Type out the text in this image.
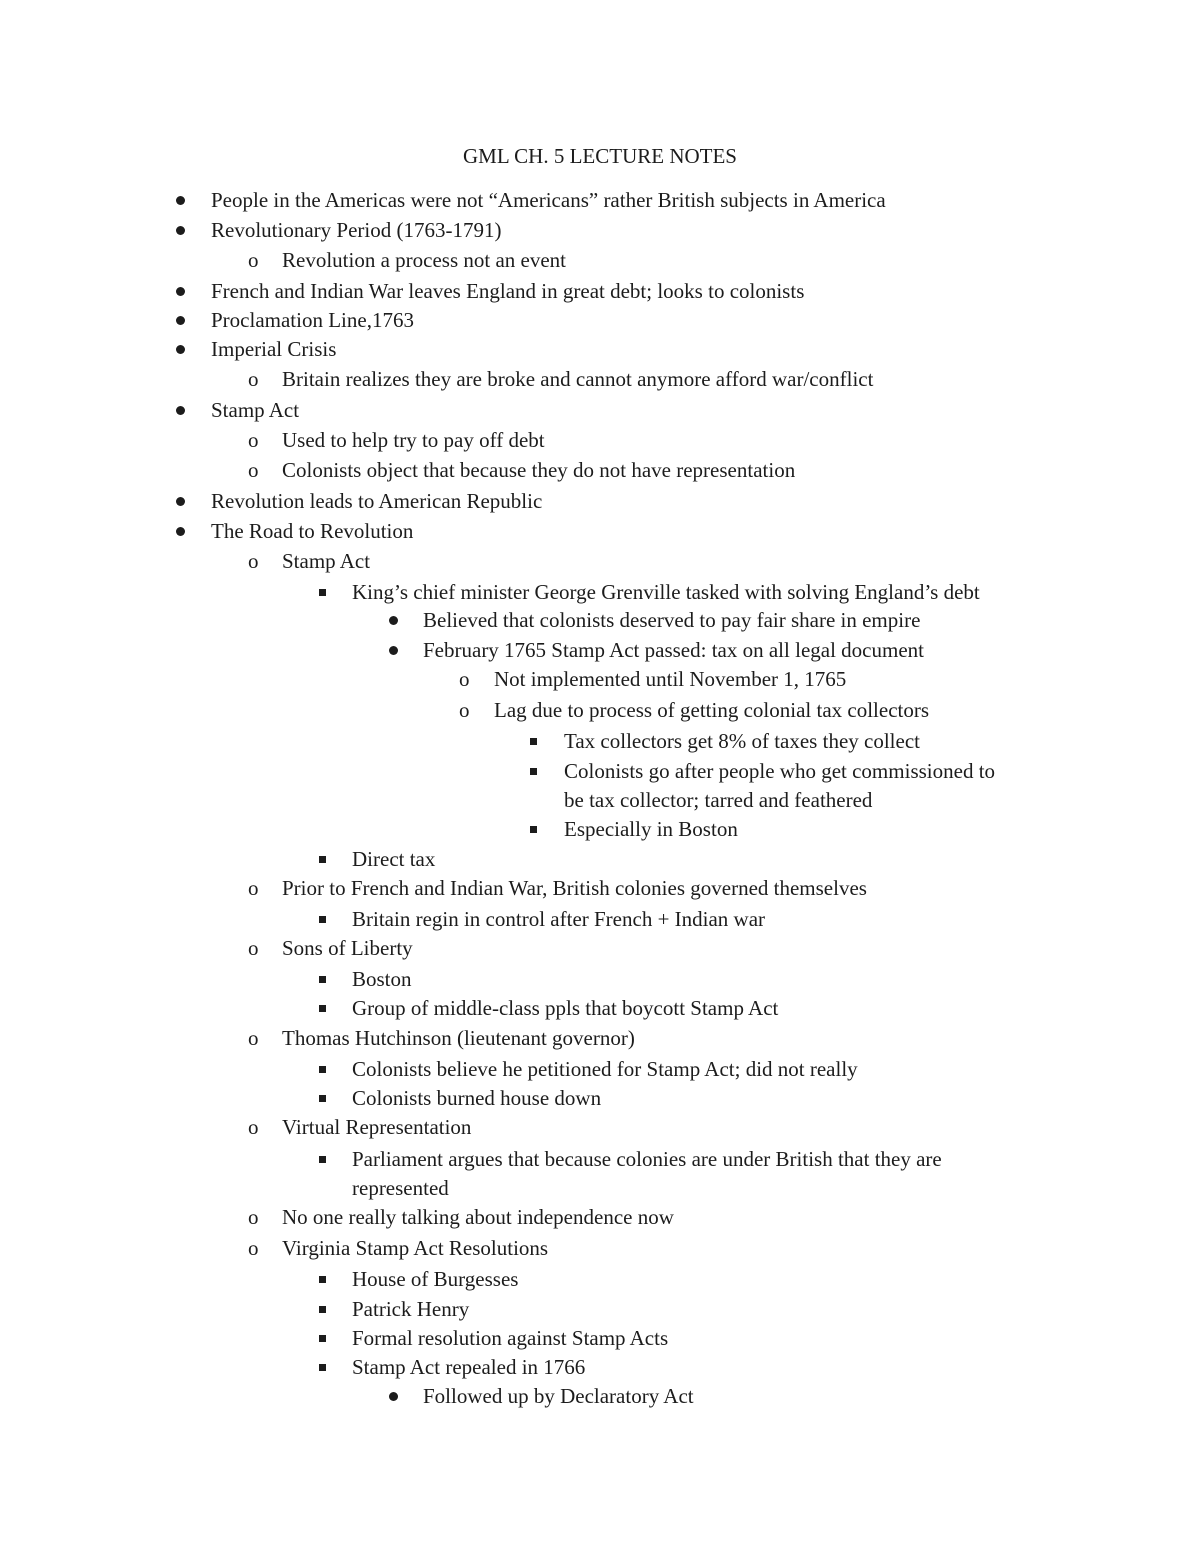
GML CH. 5 LECTURE NOTES
People in the Americas were not “Americans” rather British subjects in America
Revolutionary Period (1763-1791)
o Revolution a process not an event
French and Indian War leaves England in great debt; looks to colonists
Proclamation Line,1763
Imperial Crisis
o Britain realizes they are broke and cannot anymore afford war/conflict
Stamp Act
o Used to help try to pay off debt
o Colonists object that because they do not have representation
Revolution leads to American Republic
The Road to Revolution
o Stamp Act
King’s chief minister George Grenville tasked with solving England’s debt
Believed that colonists deserved to pay fair share in empire
February 1765 Stamp Act passed: tax on all legal document
o Not implemented until November 1, 1765
o Lag due to process of getting colonial tax collectors
Tax collectors get 8% of taxes they collect
Colonists go after people who get commissioned to
be tax collector; tarred and feathered
Especially in Boston
Direct tax
o Prior to French and Indian War, British colonies governed themselves
Britain regin in control after French + Indian war
o Sons of Liberty
Boston
Group of middle-class ppls that boycott Stamp Act
o Thomas Hutchinson (lieutenant governor)
Colonists believe he petitioned for Stamp Act; did not really
Colonists burned house down
o Virtual Representation
Parliament argues that because colonies are under British that they are
represented
o No one really talking about independence now
o Virginia Stamp Act Resolutions
House of Burgesses
Patrick Henry
Formal resolution against Stamp Acts
Stamp Act repealed in 1766
Followed up by Declaratory Act
